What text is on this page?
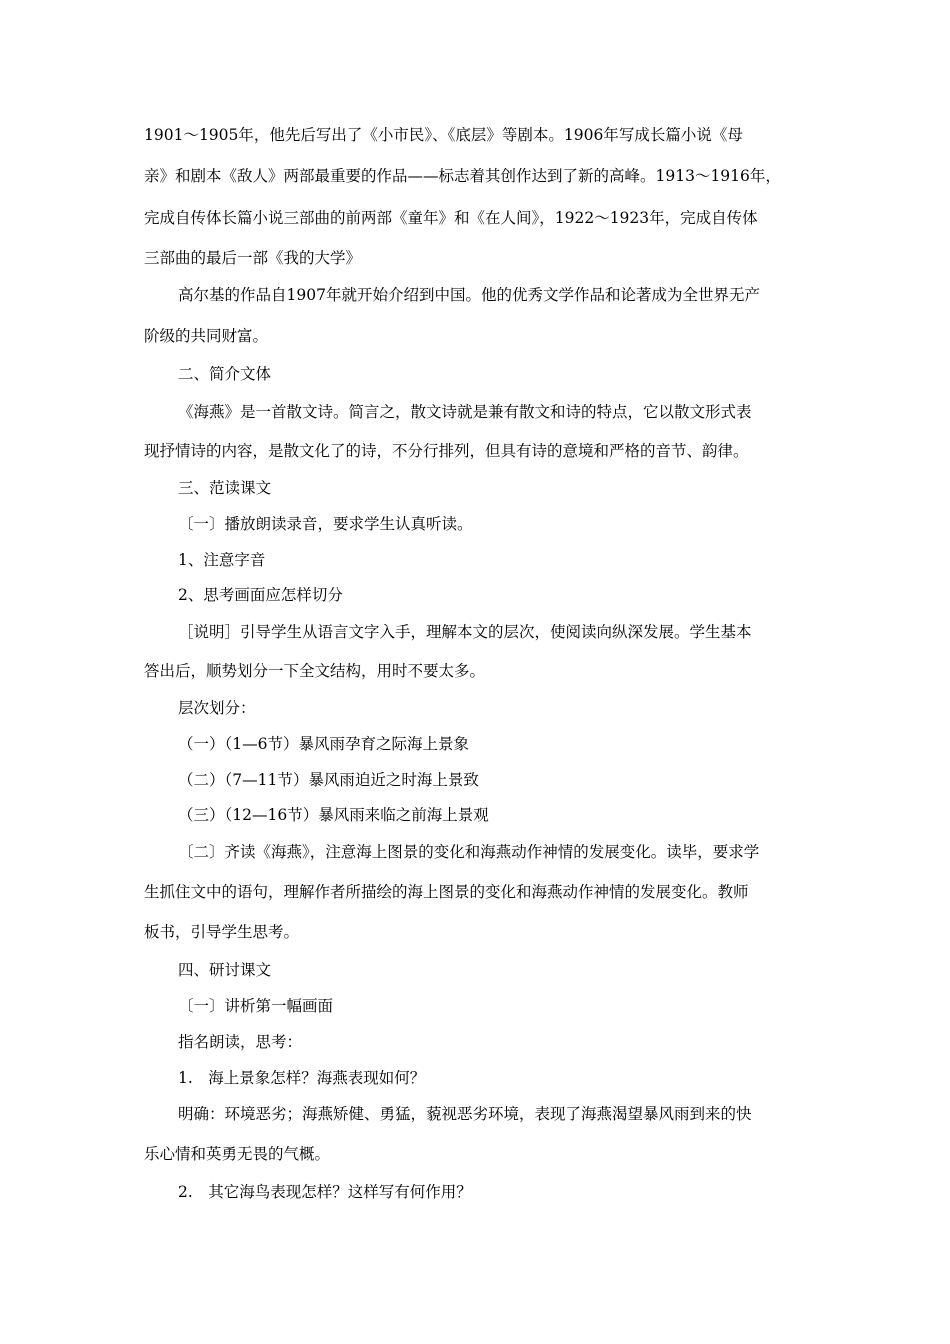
1901～1905年，他先后写出了《小市民》、《底层》等剧本。1906年写成长篇小说《母
亲》和剧本《敌人》两部最重要的作品——标志着其创作达到了新的高峰。1913～1916年，
完成自传体长篇小说三部曲的前两部《童年》和《在人间》，1922～1923年，完成自传体
三部曲的最后一部《我的大学》
高尔基的作品自1907年就开始介绍到中国。他的优秀文学作品和论著成为全世界无产
阶级的共同财富。
二、简介文体
《海燕》是一首散文诗。简言之，散文诗就是兼有散文和诗的特点，它以散文形式表
现抒情诗的内容，是散文化了的诗，不分行排列，但具有诗的意境和严格的音节、韵律。
三、范读课文
〔一〕播放朗读录音，要求学生认真听读。
1、注意字音
2、思考画面应怎样切分
［说明］引导学生从语言文字入手，理解本文的层次，使阅读向纵深发展。学生基本
答出后，顺势划分一下全文结构，用时不要太多。
层次划分：
（一）（1—6节）暴风雨孕育之际海上景象
（二）（7—11节）暴风雨迫近之时海上景致
（三）（12—16节）暴风雨来临之前海上景观
〔二〕齐读《海燕》，注意海上图景的变化和海燕动作神情的发展变化。读毕，要求学
生抓住文中的语句，理解作者所描绘的海上图景的变化和海燕动作神情的发展变化。教师
板书，引导学生思考。
四、研讨课文
〔一〕讲析第一幅画面
指名朗读，思考：
1.　海上景象怎样？海燕表现如何？
明确：环境恶劣；海燕矫健、勇猛，藐视恶劣环境，表现了海燕渴望暴风雨到来的快
乐心情和英勇无畏的气概。
2.　其它海鸟表现怎样？这样写有何作用？
